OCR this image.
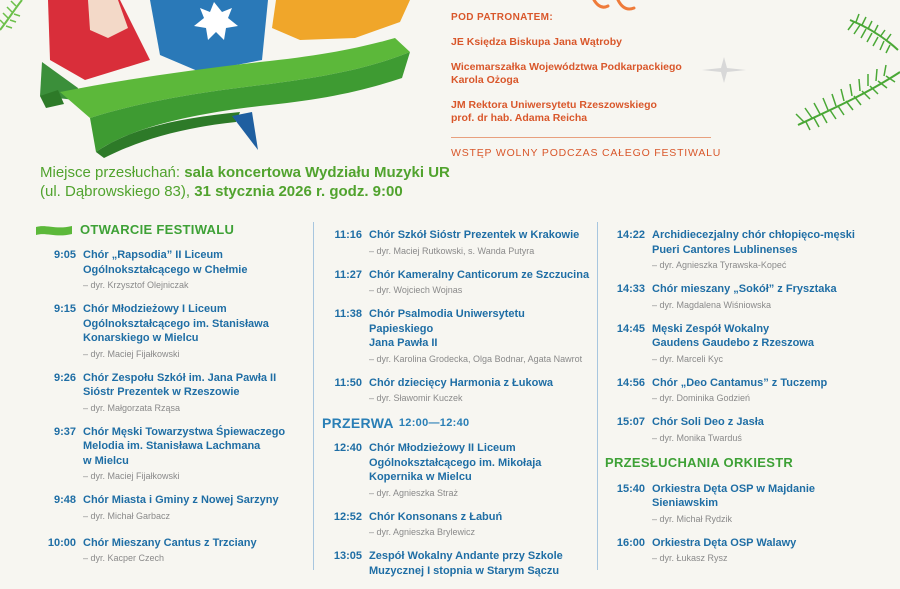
POD PATRONATEM:
JE Księdza Biskupa Jana Wątroby
Wicemarszałka Województwa Podkarpackiego
Karola Ożoga
JM Rektora Uniwersytetu Rzeszowskiego
prof. dr hab. Adama Reicha
WSTĘP WOLNY PODCZAS CAŁEGO FESTIWALU
Miejsce przesłuchań: sala koncertowa Wydziału Muzyki UR
(ul. Dąbrowskiego 83), 31 stycznia 2026 r. godz. 9:00
OTWARCIE FESTIWALU
9:05 Chór „Rapsodia” II Liceum
Ogólnokształcącego w Chełmie
– dyr. Krzysztof Olejniczak
9:15 Chór Młodzieżowy I Liceum
Ogólnokształcącego im. Stanisława
Konarskiego w Mielcu
– dyr. Maciej Fijałkowski
9:26 Chór Zespołu Szkół im. Jana Pawła II
Sióstr Prezentek w Rzeszowie
– dyr. Małgorzata Rząsa
9:37 Chór Męski Towarzystwa Śpiewaczego
Melodia im. Stanisława Lachmana
w Mielcu
– dyr. Maciej Fijałkowski
9:48 Chór Miasta i Gminy z Nowej Sarzyny
– dyr. Michał Garbacz
10:00 Chór Mieszany Cantus z Trzciany
– dyr. Kacper Czech
11:16 Chór Szkół Sióstr Prezentek w Krakowie
– dyr. Maciej Rutkowski, s. Wanda Putyra
11:27 Chór Kameralny Canticorum ze Szczucina
– dyr. Wojciech Wojnas
11:38 Chór Psalmodia Uniwersytetu Papieskiego
Jana Pawła II
– dyr. Karolina Grodecka, Olga Bodnar, Agata Nawrot
11:50 Chór dziecięcy Harmonia z Łukowa
– dyr. Sławomir Kuczek
PRZERWA 12:00—12:40
12:40 Chór Młodzieżowy II Liceum
Ogólnokształcącego im. Mikołaja
Kopernika w Mielcu
– dyr. Agnieszka Straż
12:52 Chór Konsonans z Łabuń
– dyr. Agnieszka Brylewicz
13:05 Zespół Wokalny Andante przy Szkole
Muzycznej I stopnia w Starym Sączu
14:22 Archidiecezjalny chór chłopięco-męski
Pueri Cantores Lublinenses
– dyr. Agnieszka Tyrawska-Kopeć
14:33 Chór mieszany „Sokół” z Frysztaka
– dyr. Magdalena Wiśniowska
14:45 Męski Zespół Wokalny
Gaudens Gaudebo z Rzeszowa
– dyr. Marceli Kyc
14:56 Chór „Deo Cantamus” z Tuczemp
– dyr. Dominika Godzień
15:07 Chór Soli Deo z Jasła
– dyr. Monika Twarduś
PRZESŁUCHANIA ORKIESTR
15:40 Orkiestra Dęta OSP w Majdanie
Sieniawskim
– dyr. Michał Rydzik
16:00 Orkiestra Dęta OSP Walawy
– dyr. Łukasz Rysz
